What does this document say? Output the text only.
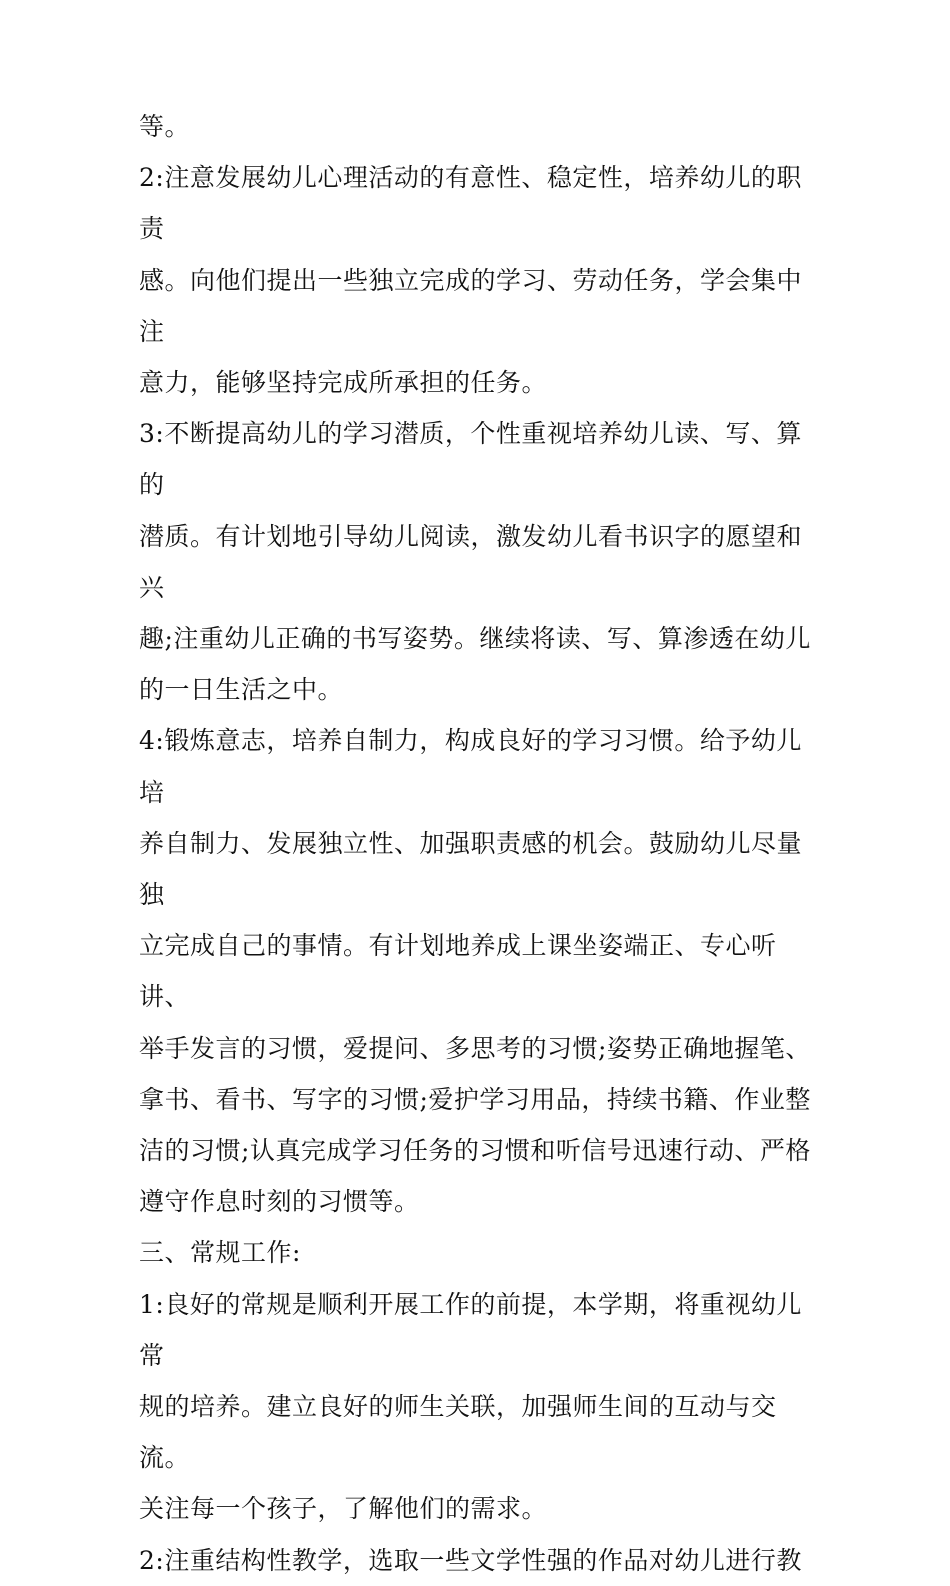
等。

2:注意发展幼儿心理活动的有意性、稳定性，培养幼儿的职责
感。向他们提出一些独立完成的学习、劳动任务，学会集中注
意力，能够坚持完成所承担的任务。

3:不断提高幼儿的学习潜质，个性重视培养幼儿读、写、算的
潜质。有计划地引导幼儿阅读，激发幼儿看书识字的愿望和兴
趣;注重幼儿正确的书写姿势。继续将读、写、算渗透在幼儿
的一日生活之中。

4:锻炼意志，培养自制力，构成良好的学习习惯。给予幼儿培
养自制力、发展独立性、加强职责感的机会。鼓励幼儿尽量独
立完成自己的事情。有计划地养成上课坐姿端正、专心听讲、
举手发言的习惯，爱提问、多思考的习惯;姿势正确地握笔、
拿书、看书、写字的习惯;爱护学习用品，持续书籍、作业整
洁的习惯;认真完成学习任务的习惯和听信号迅速行动、严格
遵守作息时刻的习惯等。

三、常规工作:

1:良好的常规是顺利开展工作的前提，本学期，将重视幼儿常
规的培养。建立良好的师生关联，加强师生间的互动与交流。
关注每一个孩子，了解他们的需求。

2:注重结构性教学，选取一些文学性强的作品对幼儿进行教
